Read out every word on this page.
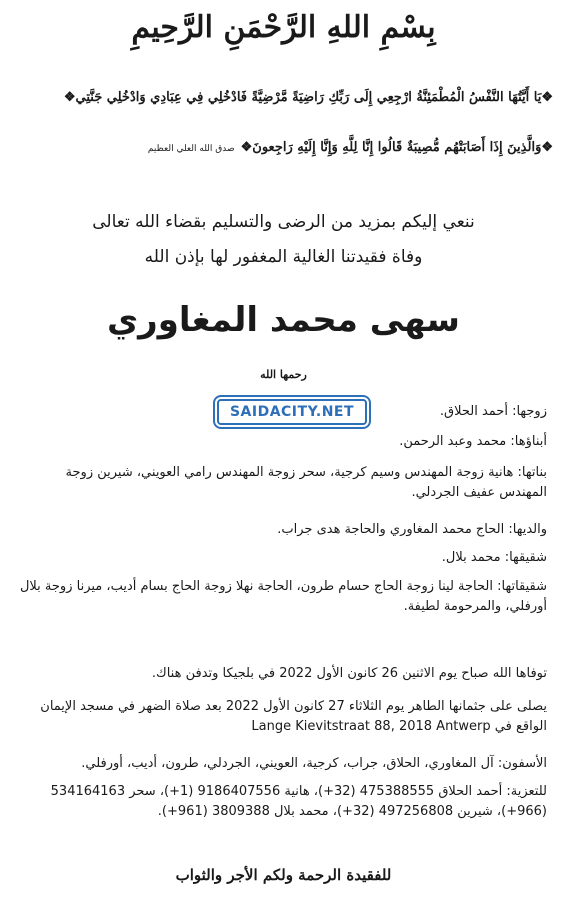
بِسْمِ اللهِ الرَّحْمَنِ الرَّحِيمِ
❖يَا أَيَّتُهَا النَّفْسُ الْمُطْمَئِنَّةُ ارْجِعِي إِلَى رَبِّكِ رَاضِيَةً مَّرْضِيَّةً فَادْخُلِي فِي عِبَادِي وَادْخُلِي جَنَّتِي❖
❖وَالَّذِينَ إِذَا أَصَابَتْهُم مُّصِيبَةٌ قَالُوا إِنَّا لِلَّهِ وَإِنَّا إِلَيْهِ رَاجِعونَ❖صدق الله العلي العظيم
ننعي إليكم بمزيد من الرضى والتسليم بقضاء الله تعالى
وفاة فقيدتنا الغالية المغفور لها بإذن الله
سهى محمد المغاوري
رحمها الله
زوجها: أحمد الحلاق.
أبناؤها: محمد وعبد الرحمن.
بناتها: هانية زوجة المهندس وسيم كرجية، سحر زوجة المهندس رامي العويني، شيرين زوجة المهندس عفيف الجردلي.
والديها: الحاج محمد المغاوري والحاجة هدى جراب.
شقيقها: محمد بلال.
شقيقاتها: الحاجة لينا زوجة الحاج حسام طرون، الحاجة نهلا زوجة الحاج بسام أديب، ميرنا زوجة بلال أورفلي، والمرحومة لطيفة.
توفاها الله صباح يوم الاثنين 26 كانون الأول 2022 في بلجيكا وتدفن هناك.
يصلى على جثمانها الطاهر يوم الثلاثاء 27 كانون الأول 2022 بعد صلاة الضهر في مسجد الإيمان الواقع في Lange Kievitstraat 88, 2018 Antwerp
الأسفون: آل المغاوري، الحلاق، جراب، كرجية، العويني، الجردلي، طرون، أديب، أورفلي.
للتعزية: أحمد الحلاق 475388555 (32+)، هانية 9186407556 (1+)، سحر 534164163 (966+)، شيرين 497256808 (32+)، محمد بلال 3809388 (961+).
SAIDACITY.NET
للفقيدة الرحمة ولكم الأجر والثواب
